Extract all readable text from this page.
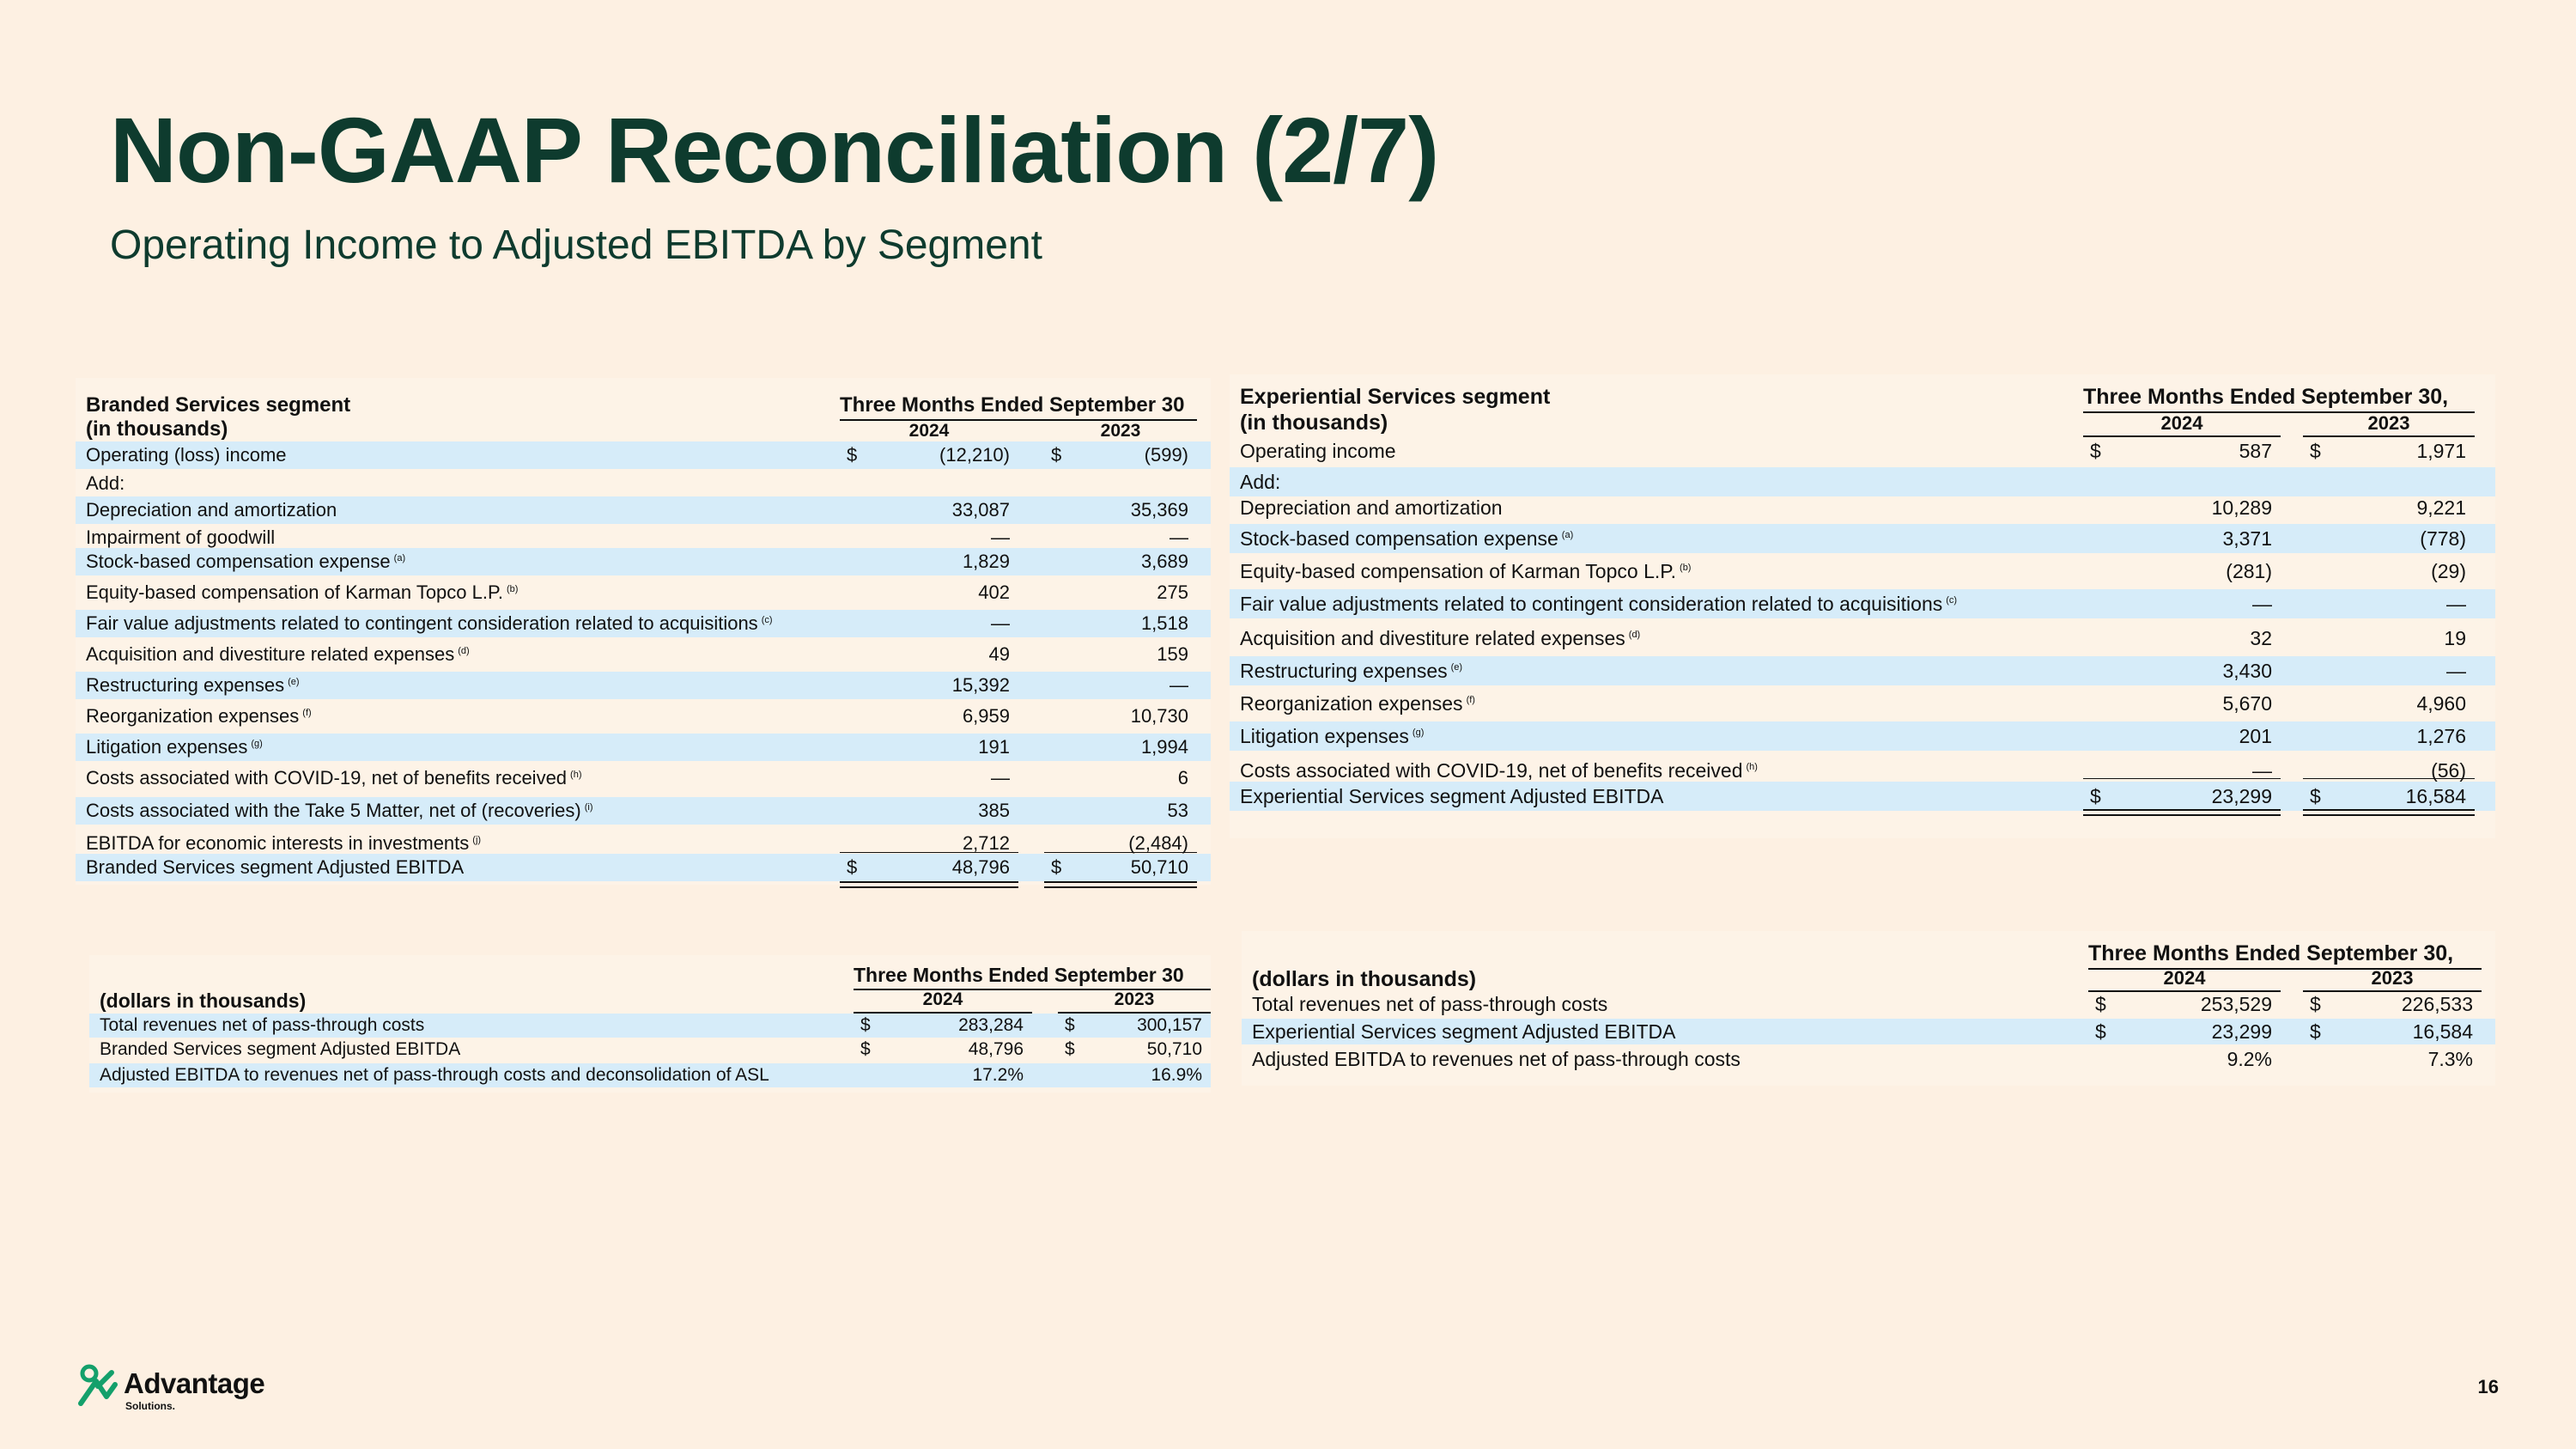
Non-GAAP Reconciliation (2/7)
Operating Income to Adjusted EBITDA by Segment
Branded Services segment
(in thousands)
Three Months Ended September 30
2024	2023
Operating (loss) income	$	(12,210) $	(599)
Add:
Depreciation and amortization	33,087	35,369
Impairment of goodwill	—	—
Stock-based compensation expense $^{(a)}$	1,829	3,689
Equity-based compensation of Karman Topco L.P. $^{(b)}$	402	275
Fair value adjustments related to contingent consideration related to acquisitions $^{(c)}$	—	1,518
Acquisition and divestiture related expenses $^{(d)}$	49	159
Restructuring expenses $^{(e)}$	15,392	—
Reorganization expenses $^{(f)}$	6,959	10,730
Litigation expenses $^{(g)}$	191	1,994
Costs associated with COVID-19, net of benefits received $^{(h)}$	—	6
Costs associated with the Take 5 Matter, net of (recoveries) $^{(i)}$	385	53
EBITDA for economic interests in investments $^{(j)}$	2,712	(2,484)
Branded Services segment Adjusted EBITDA	$	48,796 $	50,710
Experiential Services segment
(in thousands)
Three Months Ended September 30,
2024	2023
Operating income	$	587 $	1,971
Add:
Depreciation and amortization	10,289	9,221
Stock-based compensation expense $^{(a)}$	3,371	(778)
Equity-based compensation of Karman Topco L.P. $^{(b)}$	(281)	(29)
Fair value adjustments related to contingent consideration related to acquisitions $^{(c)}$	—	—
Acquisition and divestiture related expenses $^{(d)}$	32	19
Restructuring expenses $^{(e)}$	3,430	—
Reorganization expenses $^{(f)}$	5,670	4,960
Litigation expenses $^{(g)}$	201	1,276
Costs associated with COVID-19, net of benefits received $^{(h)}$	—	(56)
Experiential Services segment Adjusted EBITDA	$	23,299 $	16,584
(dollars in thousands)
Three Months Ended September 30
2024	2023
Total revenues net of pass-through costs	$	283,284 $	300,157
Branded Services segment Adjusted EBITDA	$	48,796 $	50,710
Adjusted EBITDA to revenues net of pass-through costs and deconsolidation of ASL	17.2%	16.9%
(dollars in thousands)
Three Months Ended September 30,
2024	2023
Total revenues net of pass-through costs	$	253,529 $	226,533
Experiential Services segment Adjusted EBITDA	$	23,299 $	16,584
Adjusted EBITDA to revenues net of pass-through costs	9.2%	7.3%
Advantage
Solutions.
16
